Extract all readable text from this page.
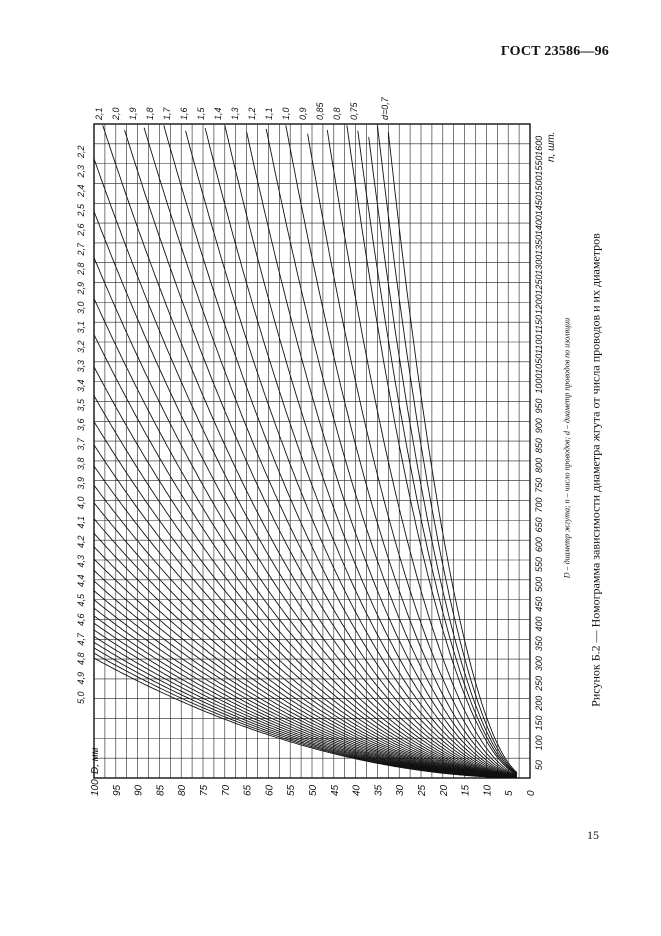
ГОСТ 23586—96
100 95 90 85 80 75 70 65 60 55 50 45 40 35 30 25 20 15 10 5 0
D, мм	50
100
150
200
250
300
350
400
450
500
550
600
650
700
750
800
850
900
950
1000
1050
1100
1150
1200
1250
1300
1350
1400
1450
1500
1550
1600 n, шт.
2,1 2,0 1,9 1,8 1,7 1,6 1,5 1,4 1,3 1,2 1,1 1,0 0,9 0,85 0,8 0,75 d=0,7
2,2
2,3
2,4
2,5
2,6
2,7
2,8
2,9
3,0
3,1
3,2
3,3
3,4
3,5
3,6
3,7
3,8
3,9
4,0
4,1
4,2
4,3
4,4
4,5
4,6
4,7
4,8
4,9
5,0
D – диаметр жгута; n – число проводов; d – диаметр проводов по изоляции Рисунок Б.2 — Номограмма зависимости диаметра жгута от числа проводов и их диаметров
15
